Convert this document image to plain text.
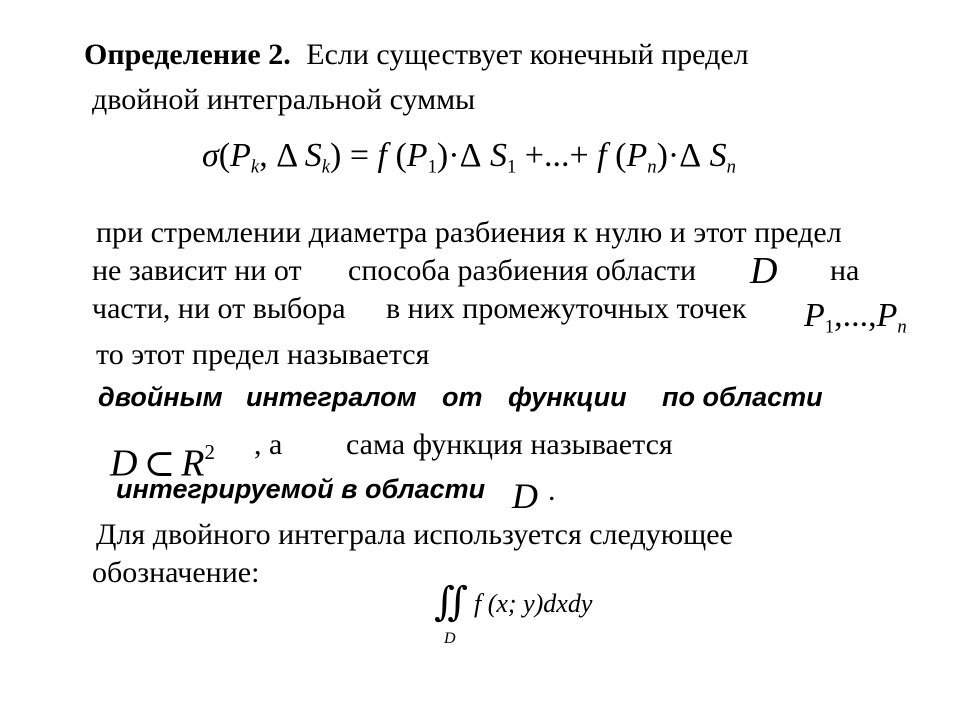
Определение 2. Если существует конечный предел
двойной интегральной суммы
$\sigma(P_k$, Δ $S_k) = f$ $(P_1)\cdot\Delta$ $S_1$ +...+ f $(P_n)\cdot\Delta$ $S_n$
при стремлении диаметра разбиения к нулю и этот предел
не зависит ни от способа разбиения области D на
части, ни от выбора в них промежуточных точек $P_1,...,P_n$
то этот предел называется
двойным интегралом от функции по области
D ⊂ $R^2$ , а сама функция называется
интегрируемой в области D .
Для двойного интеграла используется следующее
обозначение:
∬ f (x; y)dxdy
D
